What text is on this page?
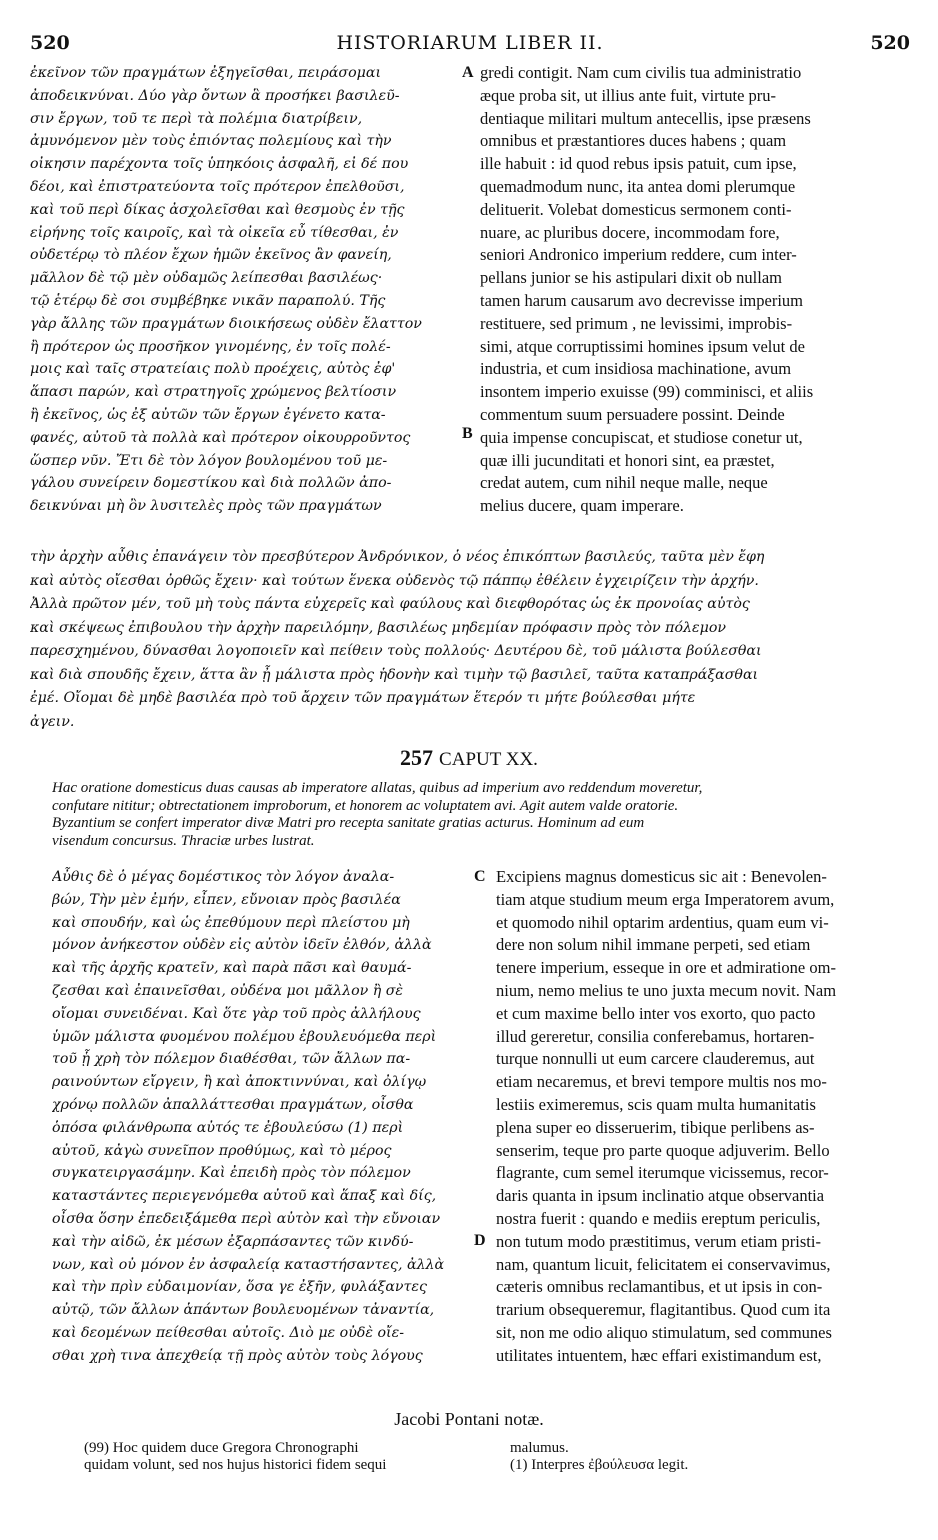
520	HISTORIARUM LIBER II.	520
ἐκεῖνον τῶν πραγμάτων ἐξηγεῖσθαι, πειράσομαι
ἀποδεικνύναι. Δύο γὰρ ὄντων ἃ προσήκει βασιλεῦ-
σιν ἔργων, τοῦ τε περὶ τὰ πολέμια διατρίβειν,
ἀμυνόμενον μὲν τοὺς ἐπιόντας πολεμίους καὶ τὴν
οἰκησιν παρέχοντα τοῖς ὑπηκόοις ἀσφαλῆ, εἰ δέ που
δέοι, καὶ ἐπιστρατεύοντα τοῖς πρότερον ἐπελθοῦσι,
καὶ τοῦ περὶ δίκας ἀσχολεῖσθαι καὶ θεσμοὺς ἐν τῇς
εἰρήνης τοῖς καιροῖς, καὶ τὰ οἰκεῖα εὖ τίθεσθαι, ἐν
οὐδετέρῳ τὸ πλέον ἔχων ἡμῶν ἐκεῖνος ἂν φανείη,
μᾶλλον δὲ τῷ μὲν οὐδαμῶς λείπεσθαι βασιλέως·
τῷ ἑτέρῳ δὲ σοι συμβέβηκε νικᾶν παραπολύ. Τῆς
γὰρ ἄλλης τῶν πραγμάτων διοικήσεως οὐδὲν ἔλαττον
ἢ πρότερον ὡς προσῆκον γινομένης, ἐν τοῖς πολέ-
μοις καὶ ταῖς στρατείαις πολὺ προέχεις, αὐτὸς ἐφ'
ἅπασι παρών, καὶ στρατηγοῖς χρώμενος βελτίοσιν
ἢ ἐκεῖνος, ὡς ἐξ αὐτῶν τῶν ἔργων ἐγένετο κατα-
φανές, αὐτοῦ τὰ πολλὰ καὶ πρότερον οἰκουρροῦντος
ὥσπερ νῦν. Ἔτι δὲ τὸν λόγον βουλομένου τοῦ με-
γάλου συνείρειν δομεστίκου καὶ διὰ πολλῶν ἀπο-
δεικνύναι μὴ ὂν λυσιτελὲς πρὸς τῶν πραγμάτων
A
B
gredi contigit. Nam cum civilis tua administratio
æque proba sit, ut illius ante fuit, virtute pru-
dentiaque militari multum antecellis, ipse præsens
omnibus et præstantiores duces habens ; quam
ille habuit : id quod rebus ipsis patuit, cum ipse,
quemadmodum nunc, ita antea domi plerumque
delituerit. Volebat domesticus sermonem conti-
nuare, ac pluribus docere, incommodam fore,
seniori Andronico imperium reddere, cum inter-
pellans junior se his astipulari dixit ob nullam
tamen harum causarum avo decrevisse imperium
restituere, sed primum , ne levissimi, improbis-
simi, atque corruptissimi homines ipsum velut de
industria, et cum insidiosa machinatione, avum
insontem imperio exuisse (99) comminisci, et aliis
commentum suum persuadere possint. Deinde
quia impense concupiscat, et studiose conetur ut,
quæ illi jucunditati et honori sint, ea præstet,
credat autem, cum nihil neque malle, neque
melius ducere, quam imperare.
τὴν ἀρχὴν αὖθις ἐπανάγειν τὸν πρεσβύτερον Ἀνδρόνικον, ὁ νέος ἐπικόπτων βασιλεύς, ταῦτα μὲν ἔφη
καὶ αὐτὸς οἴεσθαι ὀρθῶς ἔχειν· καὶ τούτων ἕνεκα οὐδενὸς τῷ πάππῳ ἐθέλειν ἐγχειρίζειν τὴν ἀρχήν.
Ἀλλὰ πρῶτον μέν, τοῦ μὴ τοὺς πάντα εὐχερεῖς καὶ φαύλους καὶ διεφθορότας ὡς ἐκ προνοίας αὐτὸς
καὶ σκέψεως ἐπιβουλου τὴν ἀρχὴν παρειλόμην, βασιλέως μηδεμίαν πρόφασιν πρὸς τὸν πόλεμον
παρεσχημένου, δύνασθαι λογοποιεῖν καὶ πείθειν τοὺς πολλούς· Δευτέρου δὲ, τοῦ μάλιστα βούλεσθαι
καὶ διὰ σπουδῆς ἔχειν, ἅττα ἂν ᾖ μάλιστα πρὸς ἡδονὴν καὶ τιμὴν τῷ βασιλεῖ, ταῦτα καταπράξασθαι
ἐμέ. Οἴομαι δὲ μηδὲ βασιλέα πρὸ τοῦ ἄρχειν τῶν πραγμάτων ἕτερόν τι μήτε βούλεσθαι μήτε
ἀγειν.
257 CAPUT XX.
Hac oratione domesticus duas causas ab imperatore allatas, quibus ad imperium avo reddendum moveretur,
confutare nititur; obtrectationem improborum, et honorem ac voluptatem avi. Agit autem valde oratorie.
Byzantium se confert imperator divæ Matri pro recepta sanitate gratias acturus. Hominum ad eum
visendum concursus. Thraciæ urbes lustrat.
Αὖθις δὲ ὁ μέγας δομέστικος τὸν λόγον ἀναλα-
βών, Τὴν μὲν ἐμήν, εἶπεν, εὔνοιαν πρὸς βασιλέα
καὶ σπουδήν, καὶ ὡς ἐπεθύμουν περὶ πλείστου μὴ
μόνον ἀνήκεστον οὐδὲν εἰς αὐτὸν ἰδεῖν ἐλθόν, ἀλλὰ
καὶ τῆς ἀρχῆς κρατεῖν, καὶ παρὰ πᾶσι καὶ θαυμά-
ζεσθαι καὶ ἐπαινεῖσθαι, οὐδένα μοι μᾶλλον ἢ σὲ
οἴομαι συνειδέναι. Καὶ ὅτε γὰρ τοῦ πρὸς ἀλλήλους
ὑμῶν μάλιστα φυομένου πολέμου ἐβουλευόμεθα περὶ
τοῦ ᾗ χρὴ τὸν πόλεμον διαθέσθαι, τῶν ἄλλων πα-
ραινούντων εἴργειν, ἢ καὶ ἀποκτιννύναι, καὶ ὀλίγῳ
χρόνῳ πολλῶν ἀπαλλάττεσθαι πραγμάτων, οἶσθα
ὁπόσα φιλάνθρωπα αὐτός τε ἐβουλεύσω (1) περὶ
αὐτοῦ, κἀγὼ συνεῖπον προθύμως, καὶ τὸ μέρος
συγκατειργασάμην. Καὶ ἐπειδὴ πρὸς τὸν πόλεμον
καταστάντες περιεγενόμεθα αὐτοῦ καὶ ἅπαξ καὶ δίς,
οἶσθα ὅσην ἐπεδειξάμεθα περὶ αὐτὸν καὶ τὴν εὔνοιαν
καὶ τὴν αἰδῶ, ἐκ μέσων ἐξαρπάσαντες τῶν κινδύ-
νων, καὶ οὐ μόνον ἐν ἀσφαλείᾳ καταστήσαντες, ἀλλὰ
καὶ τὴν πρὶν εὐδαιμονίαν, ὅσα γε ἐξῆν, φυλάξαντες
αὐτῷ, τῶν ἄλλων ἁπάντων βουλευομένων τἀναντία,
καὶ δεομένων πείθεσθαι αὐτοῖς. Διὸ με οὐδὲ οἴε-
σθαι χρὴ τινα ἀπεχθείᾳ τῇ πρὸς αὐτὸν τοὺς λόγους
C
D
Excipiens magnus domesticus sic ait : Benevolen-
tiam atque studium meum erga Imperatorem avum,
et quomodo nihil optarim ardentius, quam eum vi-
dere non solum nihil immane perpeti, sed etiam
tenere imperium, esseque in ore et admiratione om-
nium, nemo melius te uno juxta mecum novit. Nam
et cum maxime bello inter vos exorto, quo pacto
illud gereretur, consilia conferebamus, hortaren-
turque nonnulli ut eum carcere clauderemus, aut
etiam necaremus, et brevi tempore multis nos mo-
lestiis eximeremus, scis quam multa humanitatis
plena super eo disseruerim, tibique perlibens as-
senserim, teque pro parte quoque adjuverim. Bello
flagrante, cum semel iterumque vicissemus, recor-
daris quanta in ipsum inclinatio atque observantia
nostra fuerit : quando e mediis ereptum periculis,
non tutum modo præstitimus, verum etiam pristi-
nam, quantum licuit, felicitatem ei conservavimus,
cæteris omnibus reclamantibus, et ut ipsis in con-
trarium obsequeremur, flagitantibus. Quod cum ita
sit, non me odio aliquo stimulatum, sed communes
utilitates intuentem, hæc effari existimandum est,
Jacobi Pontani notæ.
(99) Hoc quidem duce Gregora Chronographi
quidam volunt, sed nos hujus historici fidem sequi
malumus.
(1) Interpres ἐβούλευσα legit.
